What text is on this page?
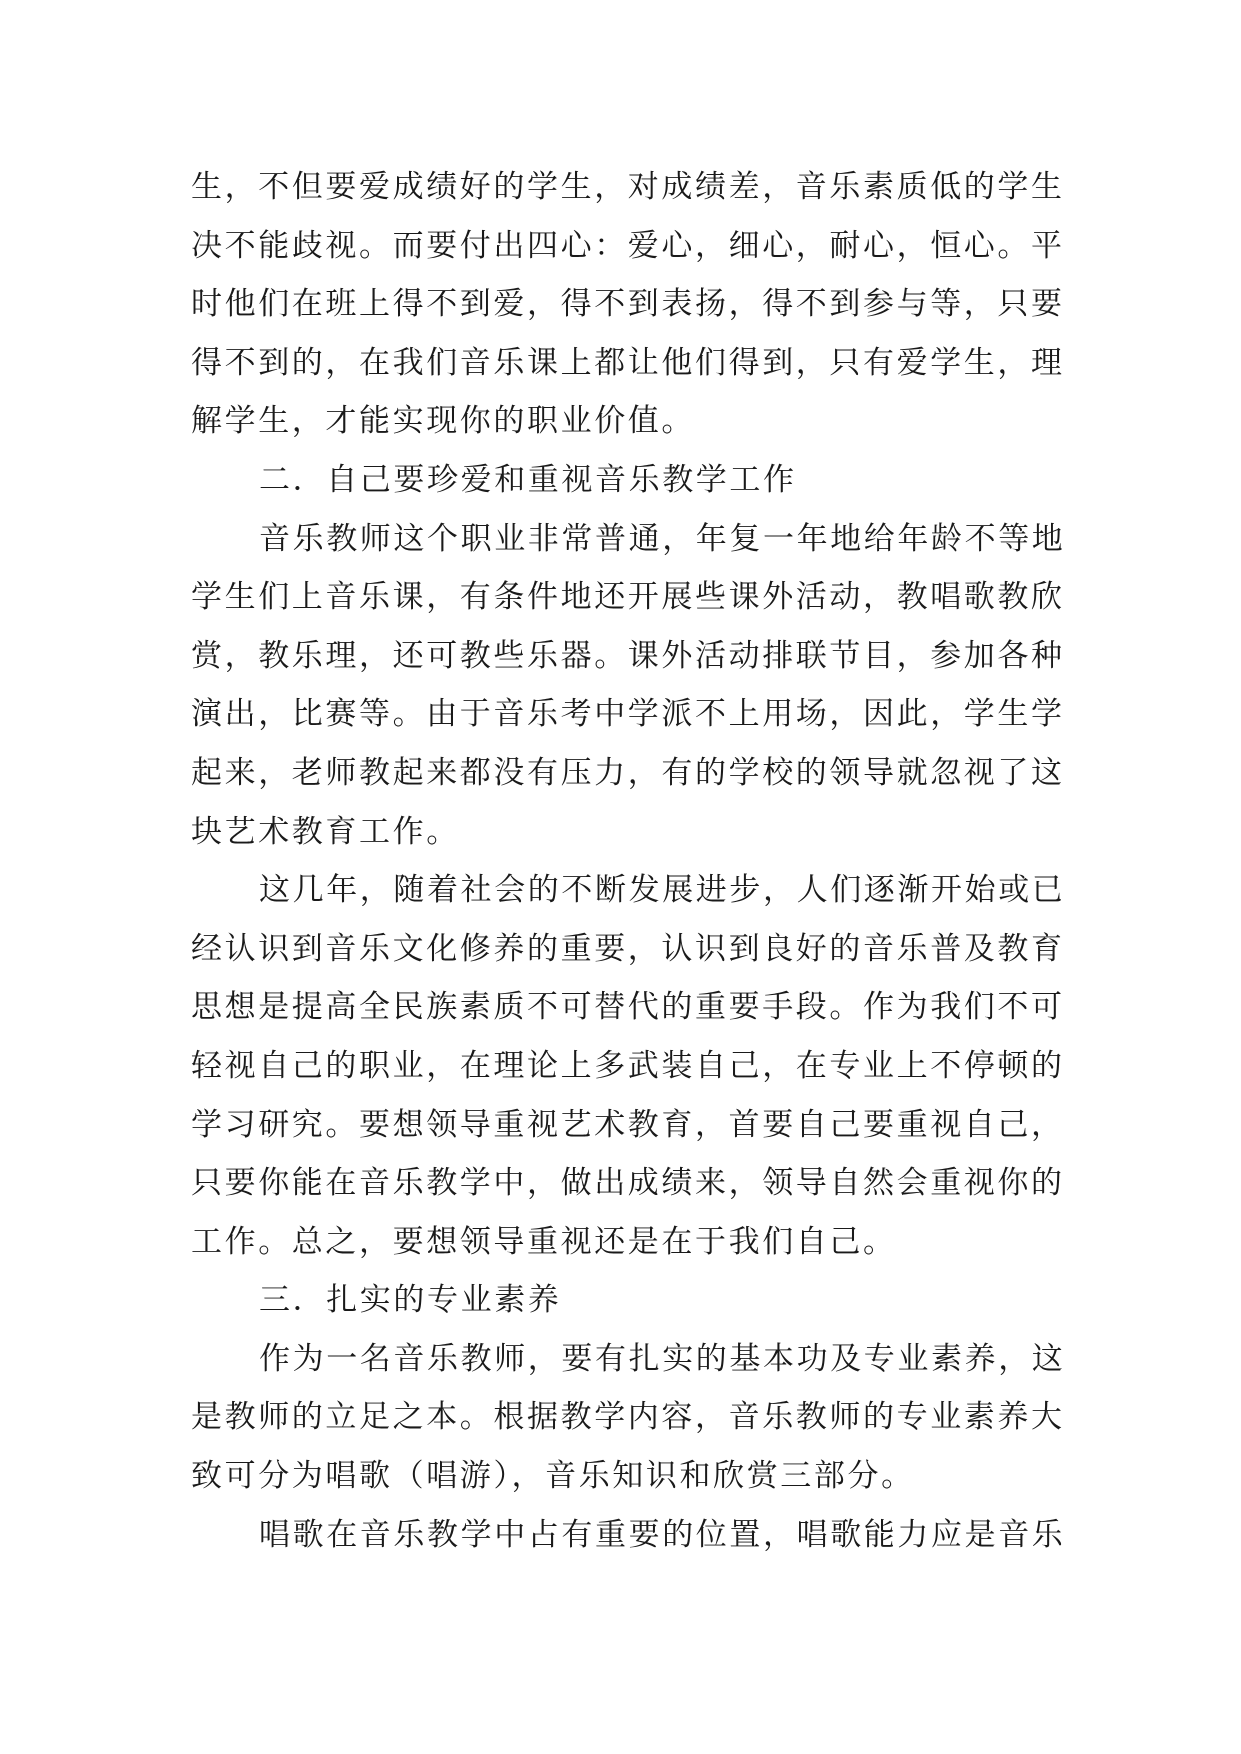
生，不但要爱成绩好的学生，对成绩差，音乐素质低的学生
决不能歧视。而要付出四心：爱心，细心，耐心，恒心。平
时他们在班上得不到爱，得不到表扬，得不到参与等，只要
得不到的，在我们音乐课上都让他们得到，只有爱学生，理
解学生，才能实现你的职业价值。
二．自己要珍爱和重视音乐教学工作
音乐教师这个职业非常普通，年复一年地给年龄不等地
学生们上音乐课，有条件地还开展些课外活动，教唱歌教欣
赏，教乐理，还可教些乐器。课外活动排联节目，参加各种
演出，比赛等。由于音乐考中学派不上用场，因此，学生学
起来，老师教起来都没有压力，有的学校的领导就忽视了这
块艺术教育工作。
这几年，随着社会的不断发展进步，人们逐渐开始或已
经认识到音乐文化修养的重要，认识到良好的音乐普及教育
思想是提高全民族素质不可替代的重要手段。作为我们不可
轻视自己的职业，在理论上多武装自己，在专业上不停顿的
学习研究。要想领导重视艺术教育，首要自己要重视自己，
只要你能在音乐教学中，做出成绩来，领导自然会重视你的
工作。总之，要想领导重视还是在于我们自己。
三．扎实的专业素养
作为一名音乐教师，要有扎实的基本功及专业素养，这
是教师的立足之本。根据教学内容，音乐教师的专业素养大
致可分为唱歌（唱游），音乐知识和欣赏三部分。
唱歌在音乐教学中占有重要的位置，唱歌能力应是音乐
